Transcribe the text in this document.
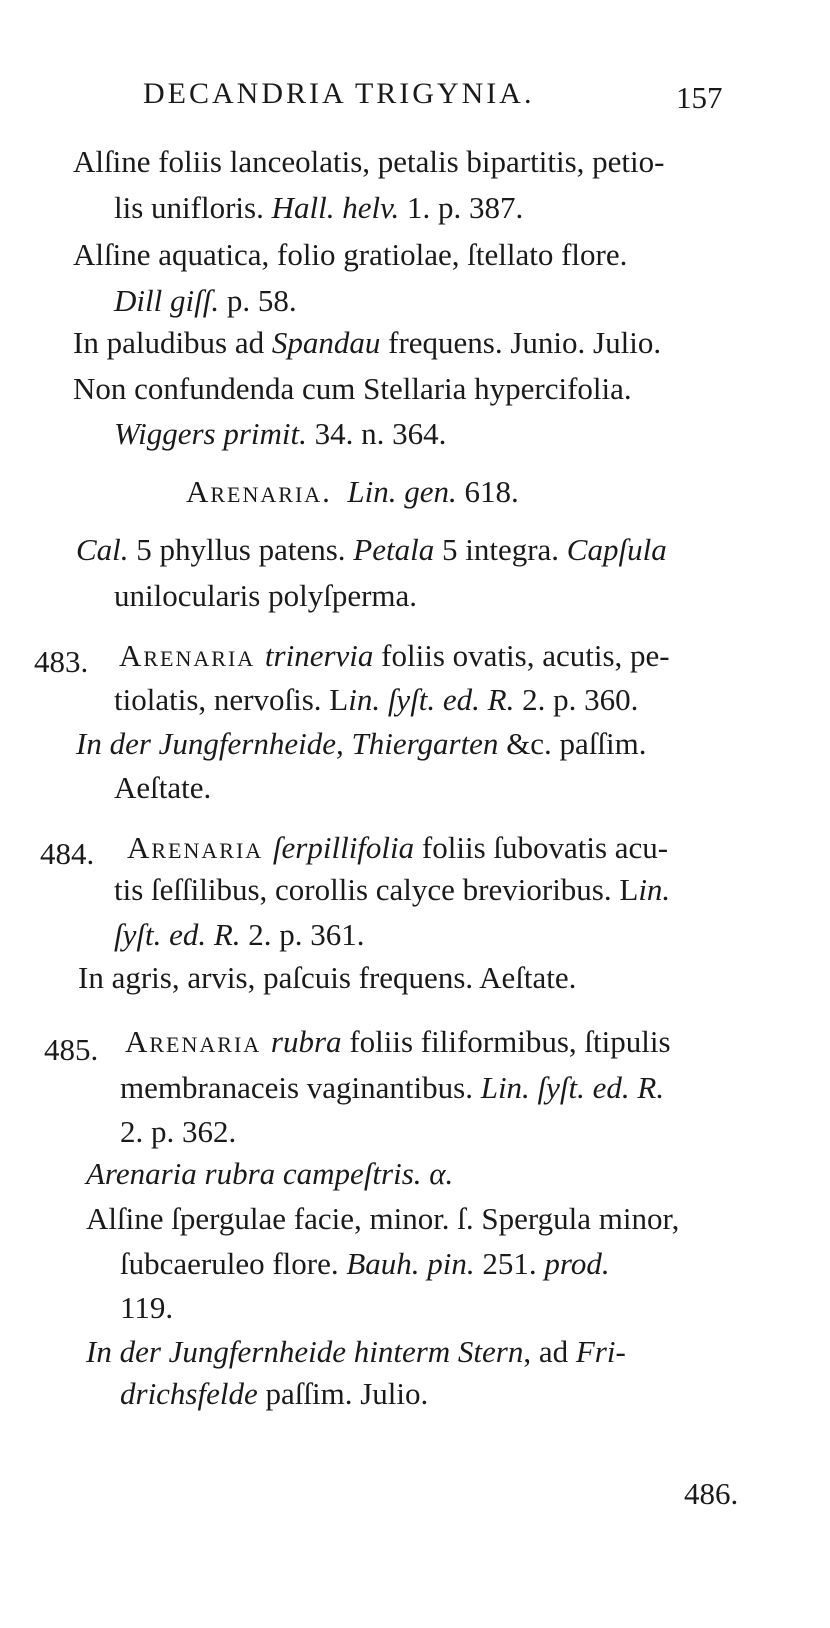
DECANDRIA TRIGYNIA.	157
Alſine foliis lanceolatis, petalis bipartitis, petio-
lis unifloris. Hall. helv. 1. p. 387.
Alſine aquatica, folio gratiolae, ſtellato flore.
Dill giſſ. p. 58.
In paludibus ad Spandau frequens. Junio. Julio.
Non confundenda cum Stellaria hypercifolia.
Wiggers primit. 34. n. 364.
Arenaria. Lin. gen. 618.
Cal. 5 phyllus patens. Petala 5 integra. Capſula
unilocularis polyſperma.
483. Arenaria trinervia foliis ovatis, acutis, pe-
tiolatis, nervoſis. Lin. ſyſt. ed. R. 2. p. 360.
In der Jungfernheide, Thiergarten &c. paſſim.
Aeſtate.
484. Arenaria ſerpillifolia foliis ſubovatis acu-
tis ſeſſilibus, corollis calyce brevioribus. Lin.
ſyſt. ed. R. 2. p. 361.
In agris, arvis, paſcuis frequens. Aeſtate.
485. Arenaria rubra foliis filiformibus, ſtipulis
membranaceis vaginantibus. Lin. ſyſt. ed. R.
2. p. 362.
Arenaria rubra campeſtris. α.
Alſine ſpergulae facie, minor. ſ. Spergula minor,
ſubcaeruleo flore. Bauh. pin. 251. prod.
119.
In der Jungfernheide hinterm Stern, ad Fri-
drichsfelde paſſim. Julio.
486.
